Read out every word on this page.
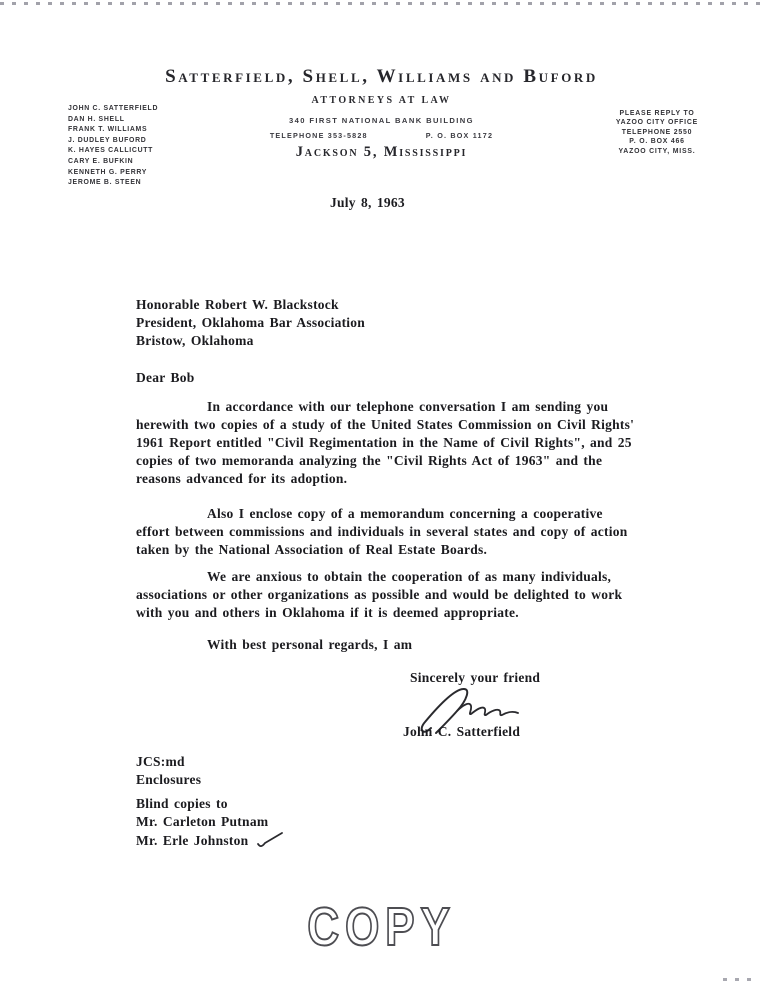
Satterfield, Shell, Williams and Buford
ATTORNEYS AT LAW
340 FIRST NATIONAL BANK BUILDING
TELEPHONE 353-5828	P. O. BOX 1172
Jackson 5, Mississippi
JOHN C. SATTERFIELD
DAN H. SHELL
FRANK T. WILLIAMS
J. DUDLEY BUFORD
K. HAYES CALLICUTT
CARY E. BUFKIN
KENNETH G. PERRY
JEROME B. STEEN
PLEASE REPLY TO
YAZOO CITY OFFICE
TELEPHONE 2550
P. O. BOX 466
YAZOO CITY, MISS.
July 8, 1963
Honorable Robert W. Blackstock
President, Oklahoma Bar Association
Bristow, Oklahoma
Dear Bob

In accordance with our telephone conversation I am sending you herewith two copies of a study of the United States Commission on Civil Rights' 1961 Report entitled "Civil Regimentation in the Name of Civil Rights", and 25 copies of two memoranda analyzing the "Civil Rights Act of 1963" and the reasons advanced for its adoption.

Also I enclose copy of a memorandum concerning a cooperative effort between commissions and individuals in several states and copy of action taken by the National Association of Real Estate Boards.

We are anxious to obtain the cooperation of as many individuals, associations or other organizations as possible and would be delighted to work with you and others in Oklahoma if it is deemed appropriate.

With best personal regards, I am
Sincerely your friend
John C. Satterfield
JCS:md
Enclosures
Blind copies to
Mr. Carleton Putnam
Mr. Erle Johnston
COPY
